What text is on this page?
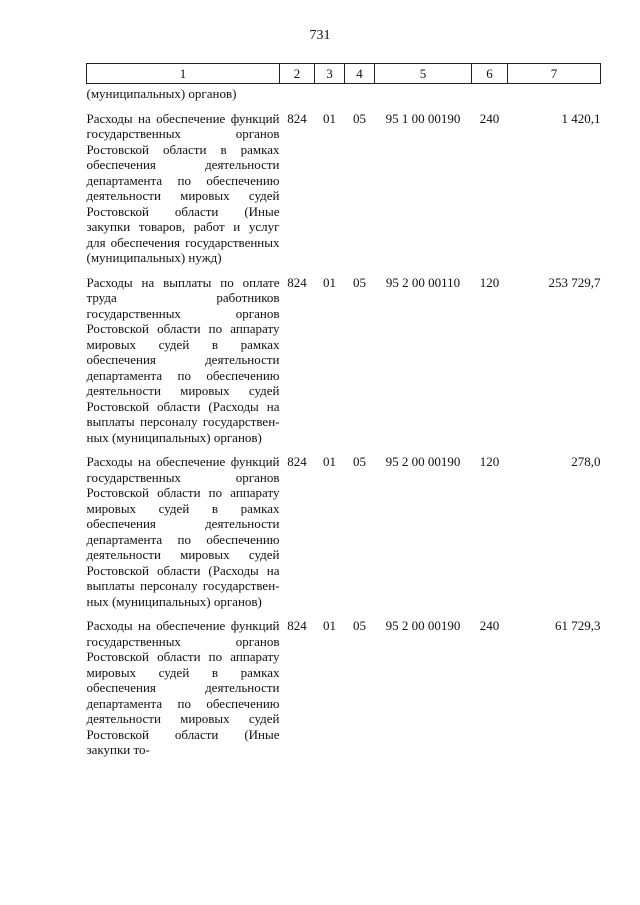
731
1	2	3	4	5	6	7
(муниципальных) органов)						
Расходы на обеспечение функций государственных органов Ростовской области в рамках обеспечения деятельности департамента по обеспечению деятельности мировых судей Ростовской области (Иные закупки товаров, работ и услуг для обеспечения государственных (муниципальных) нужд)	824	01	05	95 1 00 00190	240	1 420,1
Расходы на выплаты по оплате труда работников государственных органов Ростовской области по аппарату мировых судей в рамках обеспечения деятельности департамента по обеспечению деятельности мировых судей Ростовской области (Расходы на выплаты персоналу государственных (муниципальных) органов)	824	01	05	95 2 00 00110	120	253 729,7
Расходы на обеспечение функций государственных органов Ростовской области по аппарату мировых судей в рамках обеспечения деятельности департамента по обеспечению деятельности мировых судей Ростовской области (Расходы на выплаты персоналу государственных (муниципальных) органов)	824	01	05	95 2 00 00190	120	278,0
Расходы на обеспечение функций государственных органов Ростовской области по аппарату мировых судей в рамках обеспечения деятельности департамента по обеспечению деятельности мировых судей Ростовской области (Иные закупки то-	824	01	05	95 2 00 00190	240	61 729,3
